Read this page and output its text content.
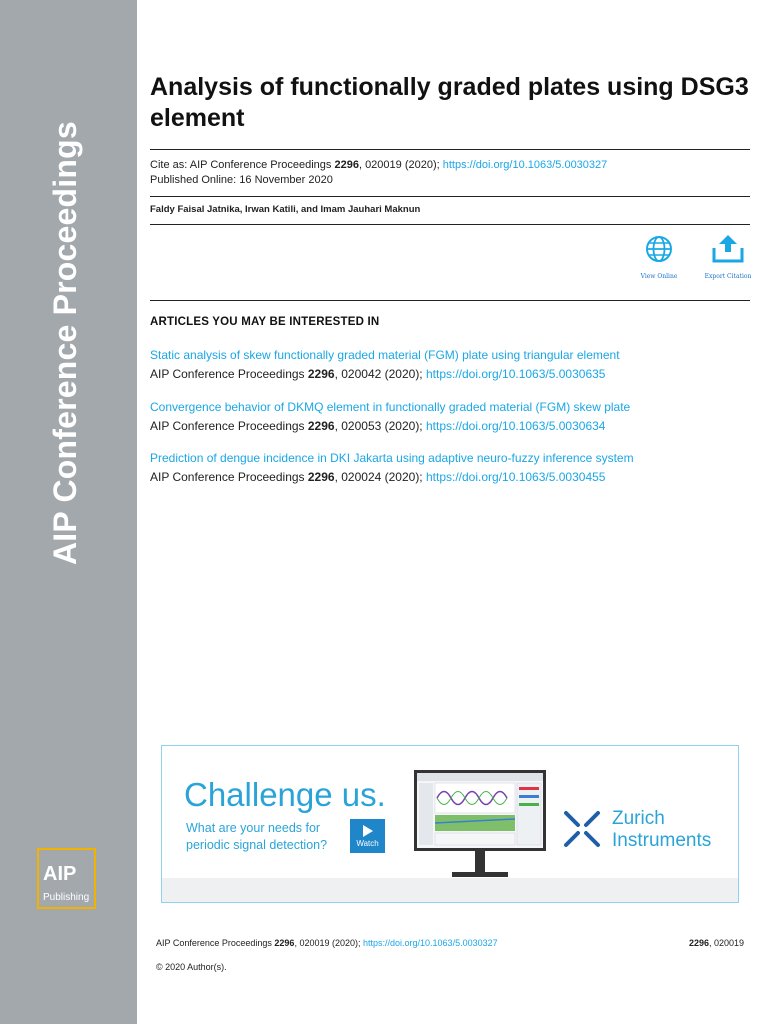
AIP Conference Proceedings
AIP
Publishing
Analysis of functionally graded plates using DSG3 element
Cite as: AIP Conference Proceedings 2296, 020019 (2020); https://doi.org/10.1063/5.0030327
Published Online: 16 November 2020
Faldy Faisal Jatnika, Irwan Katili, and Imam Jauhari Maknun
View Online	Export Citation
ARTICLES YOU MAY BE INTERESTED IN
Static analysis of skew functionally graded material (FGM) plate using triangular element
AIP Conference Proceedings 2296, 020042 (2020); https://doi.org/10.1063/5.0030635
Convergence behavior of DKMQ element in functionally graded material (FGM) skew plate
AIP Conference Proceedings 2296, 020053 (2020); https://doi.org/10.1063/5.0030634
Prediction of dengue incidence in DKI Jakarta using adaptive neuro-fuzzy inference system
AIP Conference Proceedings 2296, 020024 (2020); https://doi.org/10.1063/5.0030455
Challenge us.
What are your needs for
periodic signal detection?	Watch
Zurich
Instruments
AIP Conference Proceedings 2296, 020019 (2020); https://doi.org/10.1063/5.0030327	2296, 020019
© 2020 Author(s).
